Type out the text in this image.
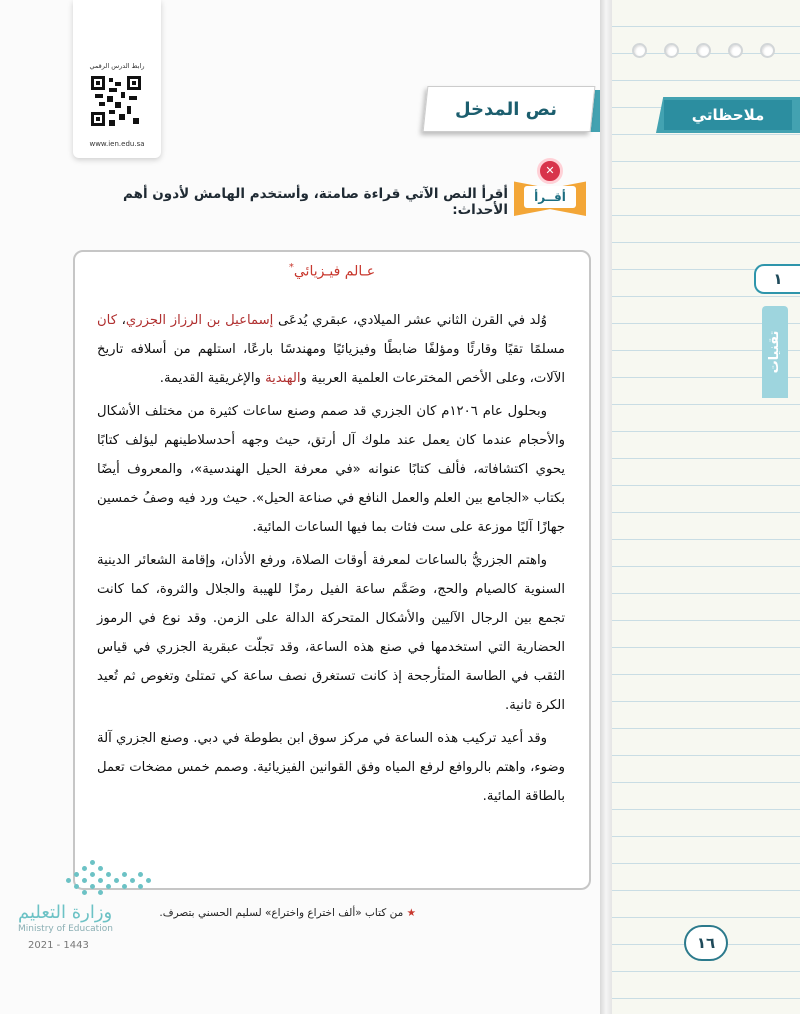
رابط الدرس الرقمي
www.ien.edu.sa
نص المدخل
✕
أقــرأ
أقرأ النص الآتي قراءة صامتة، وأستخدم الهامش لأدون أهم الأحداث:
عـالم فيـزيائي*

وُلد في القرن الثاني عشر الميلادي، عبقري يُدعَى إسماعيل بن الرزاز الجزري، كان مسلمًا تقيًا وقارئًا ومؤلفًا ضابطًا وفيزيائيًا ومهندسًا بارعًا، استلهم من أسلافه تاريخ الآلات، وعلى الأخص المخترعات العلمية العربية والهندية والإغريقية القديمة.

وبحلول عام ١٢٠٦م كان الجزري قد صمم وصنع ساعات كثيرة من مختلف الأشكال والأحجام عندما كان يعمل عند ملوك آل أرتق، حيث وجهه أحدسلاطينهم ليؤلف كتابًا يحوي اكتشافاته، فألف كتابًا عنوانه «في معرفة الحيل الهندسية»، والمعروف أيضًا بكتاب «الجامع بين العلم والعمل النافع في صناعة الحيل». حيث ورد فيه وصفُ خمسين جهازًا آليًا موزعة على ست فئات بما فيها الساعات المائية.

واهتم الجزريُّ بالساعات لمعرفة أوقات الصلاة، ورفع الأذان، وإقامة الشعائر الدينية السنوية كالصيام والحج، وصَمَّم ساعة الفيل رمزًا للهيبة والجلال والثروة، كما كانت تجمع بين الرجال الآليين والأشكال المتحركة الدالة على الزمن. وقد نوع في الرموز الحضارية التي استخدمها في صنع هذه الساعة، وقد تجلّت عبقرية الجزري في قياس الثقب في الطاسة المتأرجحة إذ كانت تستغرق نصف ساعة كي تمتلئ وتغوص ثم تُعيد الكرة ثانية.

وقد أعيد تركيب هذه الساعة في مركز سوق ابن بطوطة في دبي. وصنع الجزري آلة وضوء، واهتم بالروافع لرفع المياه وفق القوانين الفيزيائية. وصمم خمس مضخات تعمل بالطاقة المائية.

★ من كتاب «ألف اختراع واختراع» لسليم الحسني بتصرف.
وزارة التعليم
Ministry of Education
2021 - 1443
ملاحظاتي
١
تقنيات
١٦
